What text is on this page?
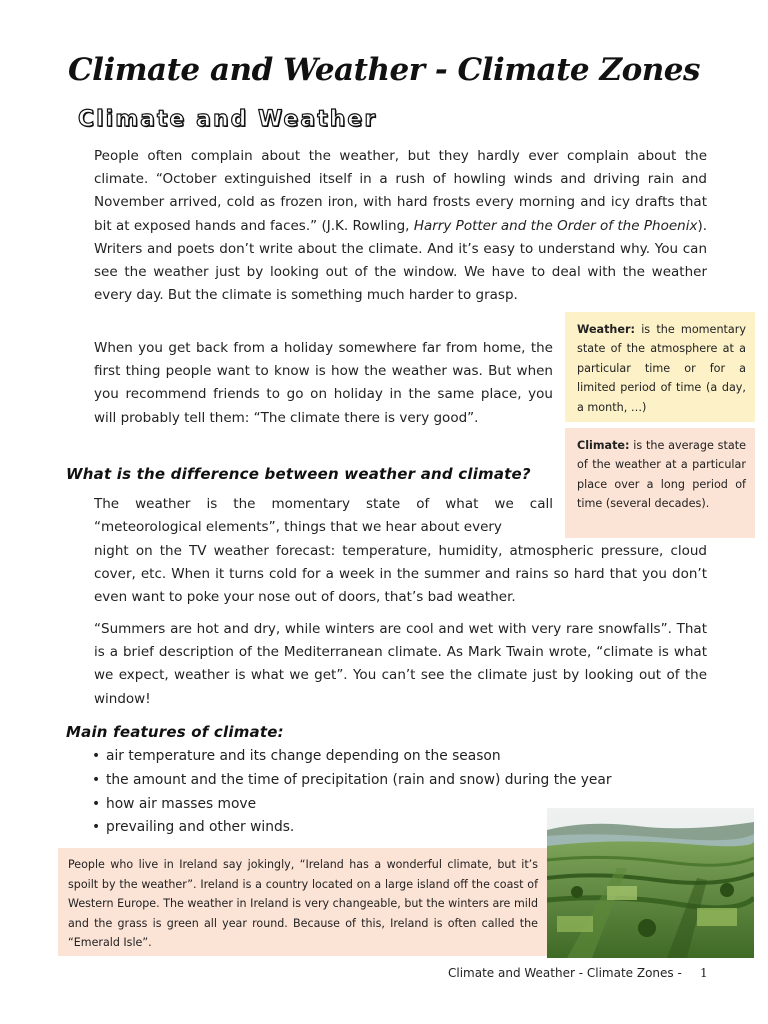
Climate and Weather - Climate Zones
Climate and Weather
People often complain about the weather, but they hardly ever complain about the climate. “October extinguished itself in a rush of howling winds and driving rain and November arrived, cold as frozen iron, with hard frosts every morning and icy drafts that bit at exposed hands and faces.” (J.K. Rowling, Harry Potter and the Order of the Phoenix). Writers and poets don’t write about the climate. And it’s easy to understand why. You can see the weather just by looking out of the window. We have to deal with the weather every day. But the climate is something much harder to grasp.
When you get back from a holiday somewhere far from home, the first thing people want to know is how the weather was. But when you recommend friends to go on holiday in the same place, you will probably tell them: “The climate there is very good”.
Weather: is the momentary state of the atmosphere at a particular time or for a limited period of time (a day, a month, …)
Climate: is the average state of the weather at a particular place over a long period of time (several decades).
What is the difference between weather and climate?
The weather is the momentary state of what we call “meteorological elements”, things that we hear about every
night on the TV weather forecast: temperature, humidity, atmospheric pressure, cloud cover, etc. When it turns cold for a week in the summer and rains so hard that you don’t even want to poke your nose out of doors, that’s bad weather.
“Summers are hot and dry, while winters are cool and wet with very rare snowfalls”. That is a brief description of the Mediterranean climate. As Mark Twain wrote, “climate is what we expect, weather is what we get”. You can’t see the climate just by looking out of the window!
Main features of climate:
• air temperature and its change depending on the season
• the amount and the time of precipitation (rain and snow) during the year
• how air masses move
• prevailing and other winds.
People who live in Ireland say jokingly, “Ireland has a wonderful climate, but it’s spoilt by the weather”. Ireland is a country located on a large island off the coast of Western Europe. The weather in Ireland is very changeable, but the winters are mild and the grass is green all year round. Because of this, Ireland is often called the “Emerald Isle”.
Climate and Weather - Climate Zones - 1
